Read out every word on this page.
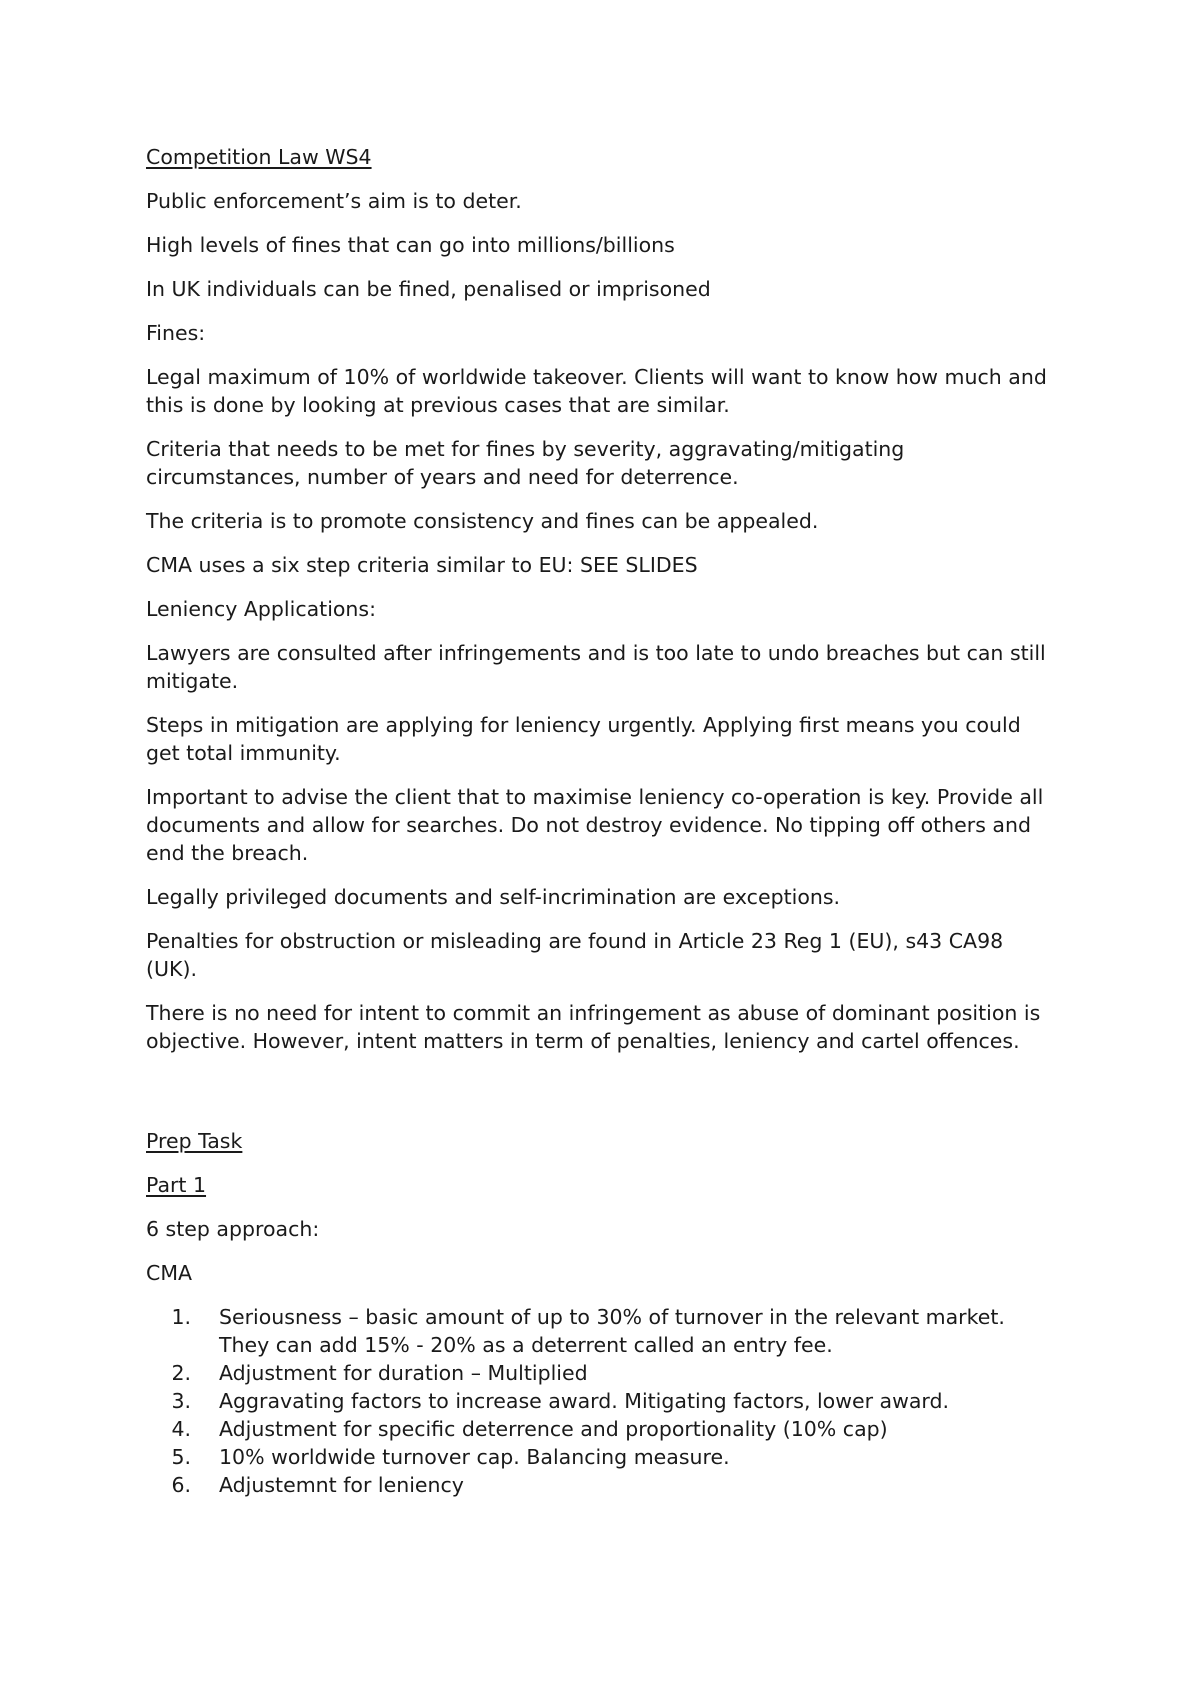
Competition Law WS4

Public enforcement’s aim is to deter.

High levels of fines that can go into millions/billions

In UK individuals can be fined, penalised or imprisoned

Fines:

Legal maximum of 10% of worldwide takeover. Clients will want to know how much and this is done by looking at previous cases that are similar.

Criteria that needs to be met for fines by severity, aggravating/mitigating circumstances, number of years and need for deterrence.

The criteria is to promote consistency and fines can be appealed.

CMA uses a six step criteria similar to EU: SEE SLIDES

Leniency Applications:

Lawyers are consulted after infringements and is too late to undo breaches but can still mitigate.

Steps in mitigation are applying for leniency urgently. Applying first means you could get total immunity.

Important to advise the client that to maximise leniency co-operation is key. Provide all documents and allow for searches. Do not destroy evidence. No tipping off others and end the breach.

Legally privileged documents and self-incrimination are exceptions.

Penalties for obstruction or misleading are found in Article 23 Reg 1 (EU), s43 CA98 (UK).

There is no need for intent to commit an infringement as abuse of dominant position is objective. However, intent matters in term of penalties, leniency and cartel offences.

Prep Task

Part 1

6 step approach:

CMA

1.	Seriousness – basic amount of up to 30% of turnover in the relevant market. They can add 15% - 20% as a deterrent called an entry fee.
2.	Adjustment for duration – Multiplied
3.	Aggravating factors to increase award. Mitigating factors, lower award.
4.	Adjustment for specific deterrence and proportionality (10% cap)
5.	10% worldwide turnover cap. Balancing measure.
6.	Adjustemnt for leniency
